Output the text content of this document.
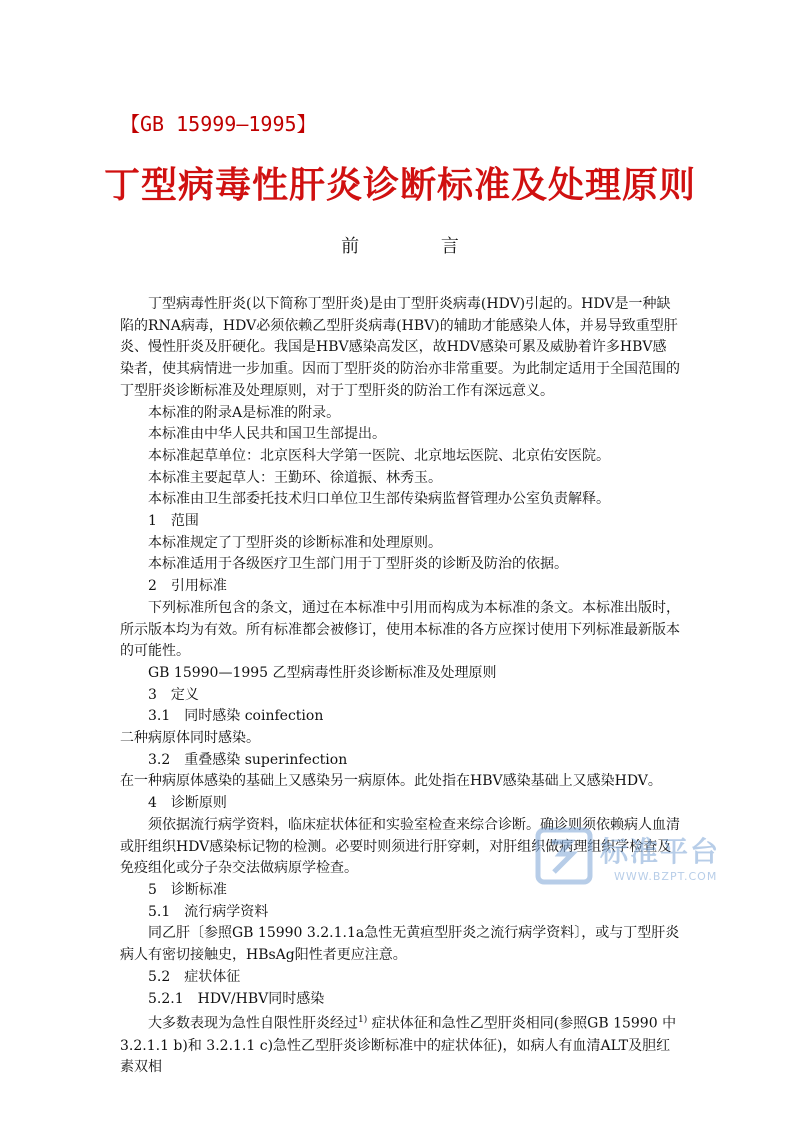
【GB 15999—1995】
丁型病毒性肝炎诊断标准及处理原则
前 言

丁型病毒性肝炎(以下简称丁型肝炎)是由丁型肝炎病毒(HDV)引起的。HDV是一种缺陷的RNA病毒，HDV必须依赖乙型肝炎病毒(HBV)的辅助才能感染人体，并易导致重型肝炎、慢性肝炎及肝硬化。我国是HBV感染高发区，故HDV感染可累及威胁着许多HBV感染者，使其病情进一步加重。因而丁型肝炎的防治亦非常重要。为此制定适用于全国范围的丁型肝炎诊断标准及处理原则，对于丁型肝炎的防治工作有深远意义。

本标准的附录A是标准的附录。

本标准由中华人民共和国卫生部提出。

本标准起草单位：北京医科大学第一医院、北京地坛医院、北京佑安医院。

本标准主要起草人：王勤环、徐道振、林秀玉。

本标准由卫生部委托技术归口单位卫生部传染病监督管理办公室负责解释。

1　范围

本标准规定了丁型肝炎的诊断标准和处理原则。

本标准适用于各级医疗卫生部门用于丁型肝炎的诊断及防治的依据。

2　引用标准

下列标准所包含的条文，通过在本标准中引用而构成为本标准的条文。本标准出版时，所示版本均为有效。所有标准都会被修订，使用本标准的各方应探讨使用下列标准最新版本的可能性。

GB 15990—1995 乙型病毒性肝炎诊断标准及处理原则

3　定义

3.1　同时感染 coinfection

二种病原体同时感染。

3.2　重叠感染 superinfection

在一种病原体感染的基础上又感染另一病原体。此处指在HBV感染基础上又感染HDV。

4　诊断原则

须依据流行病学资料，临床症状体征和实验室检查来综合诊断。确诊则须依赖病人血清或肝组织HDV感染标记物的检测。必要时则须进行肝穿刺，对肝组织做病理组织学检查及免疫组化或分子杂交法做病原学检查。

5　诊断标准

5.1　流行病学资料

同乙肝〔参照GB 15990 3.2.1.1a急性无黄疸型肝炎之流行病学资料〕，或与丁型肝炎病人有密切接触史，HBsAg阳性者更应注意。

5.2　症状体征

5.2.1　HDV/HBV同时感染

大多数表现为急性自限性肝炎经过$^{1)}$ 症状体征和急性乙型肝炎相同(参照GB 15990 中3.2.1.1 b)和 3.2.1.1 c)急性乙型肝炎诊断标准中的症状体征)，如病人有血清ALT及胆红素双相

标准平台
WWW.BZPT.COM
